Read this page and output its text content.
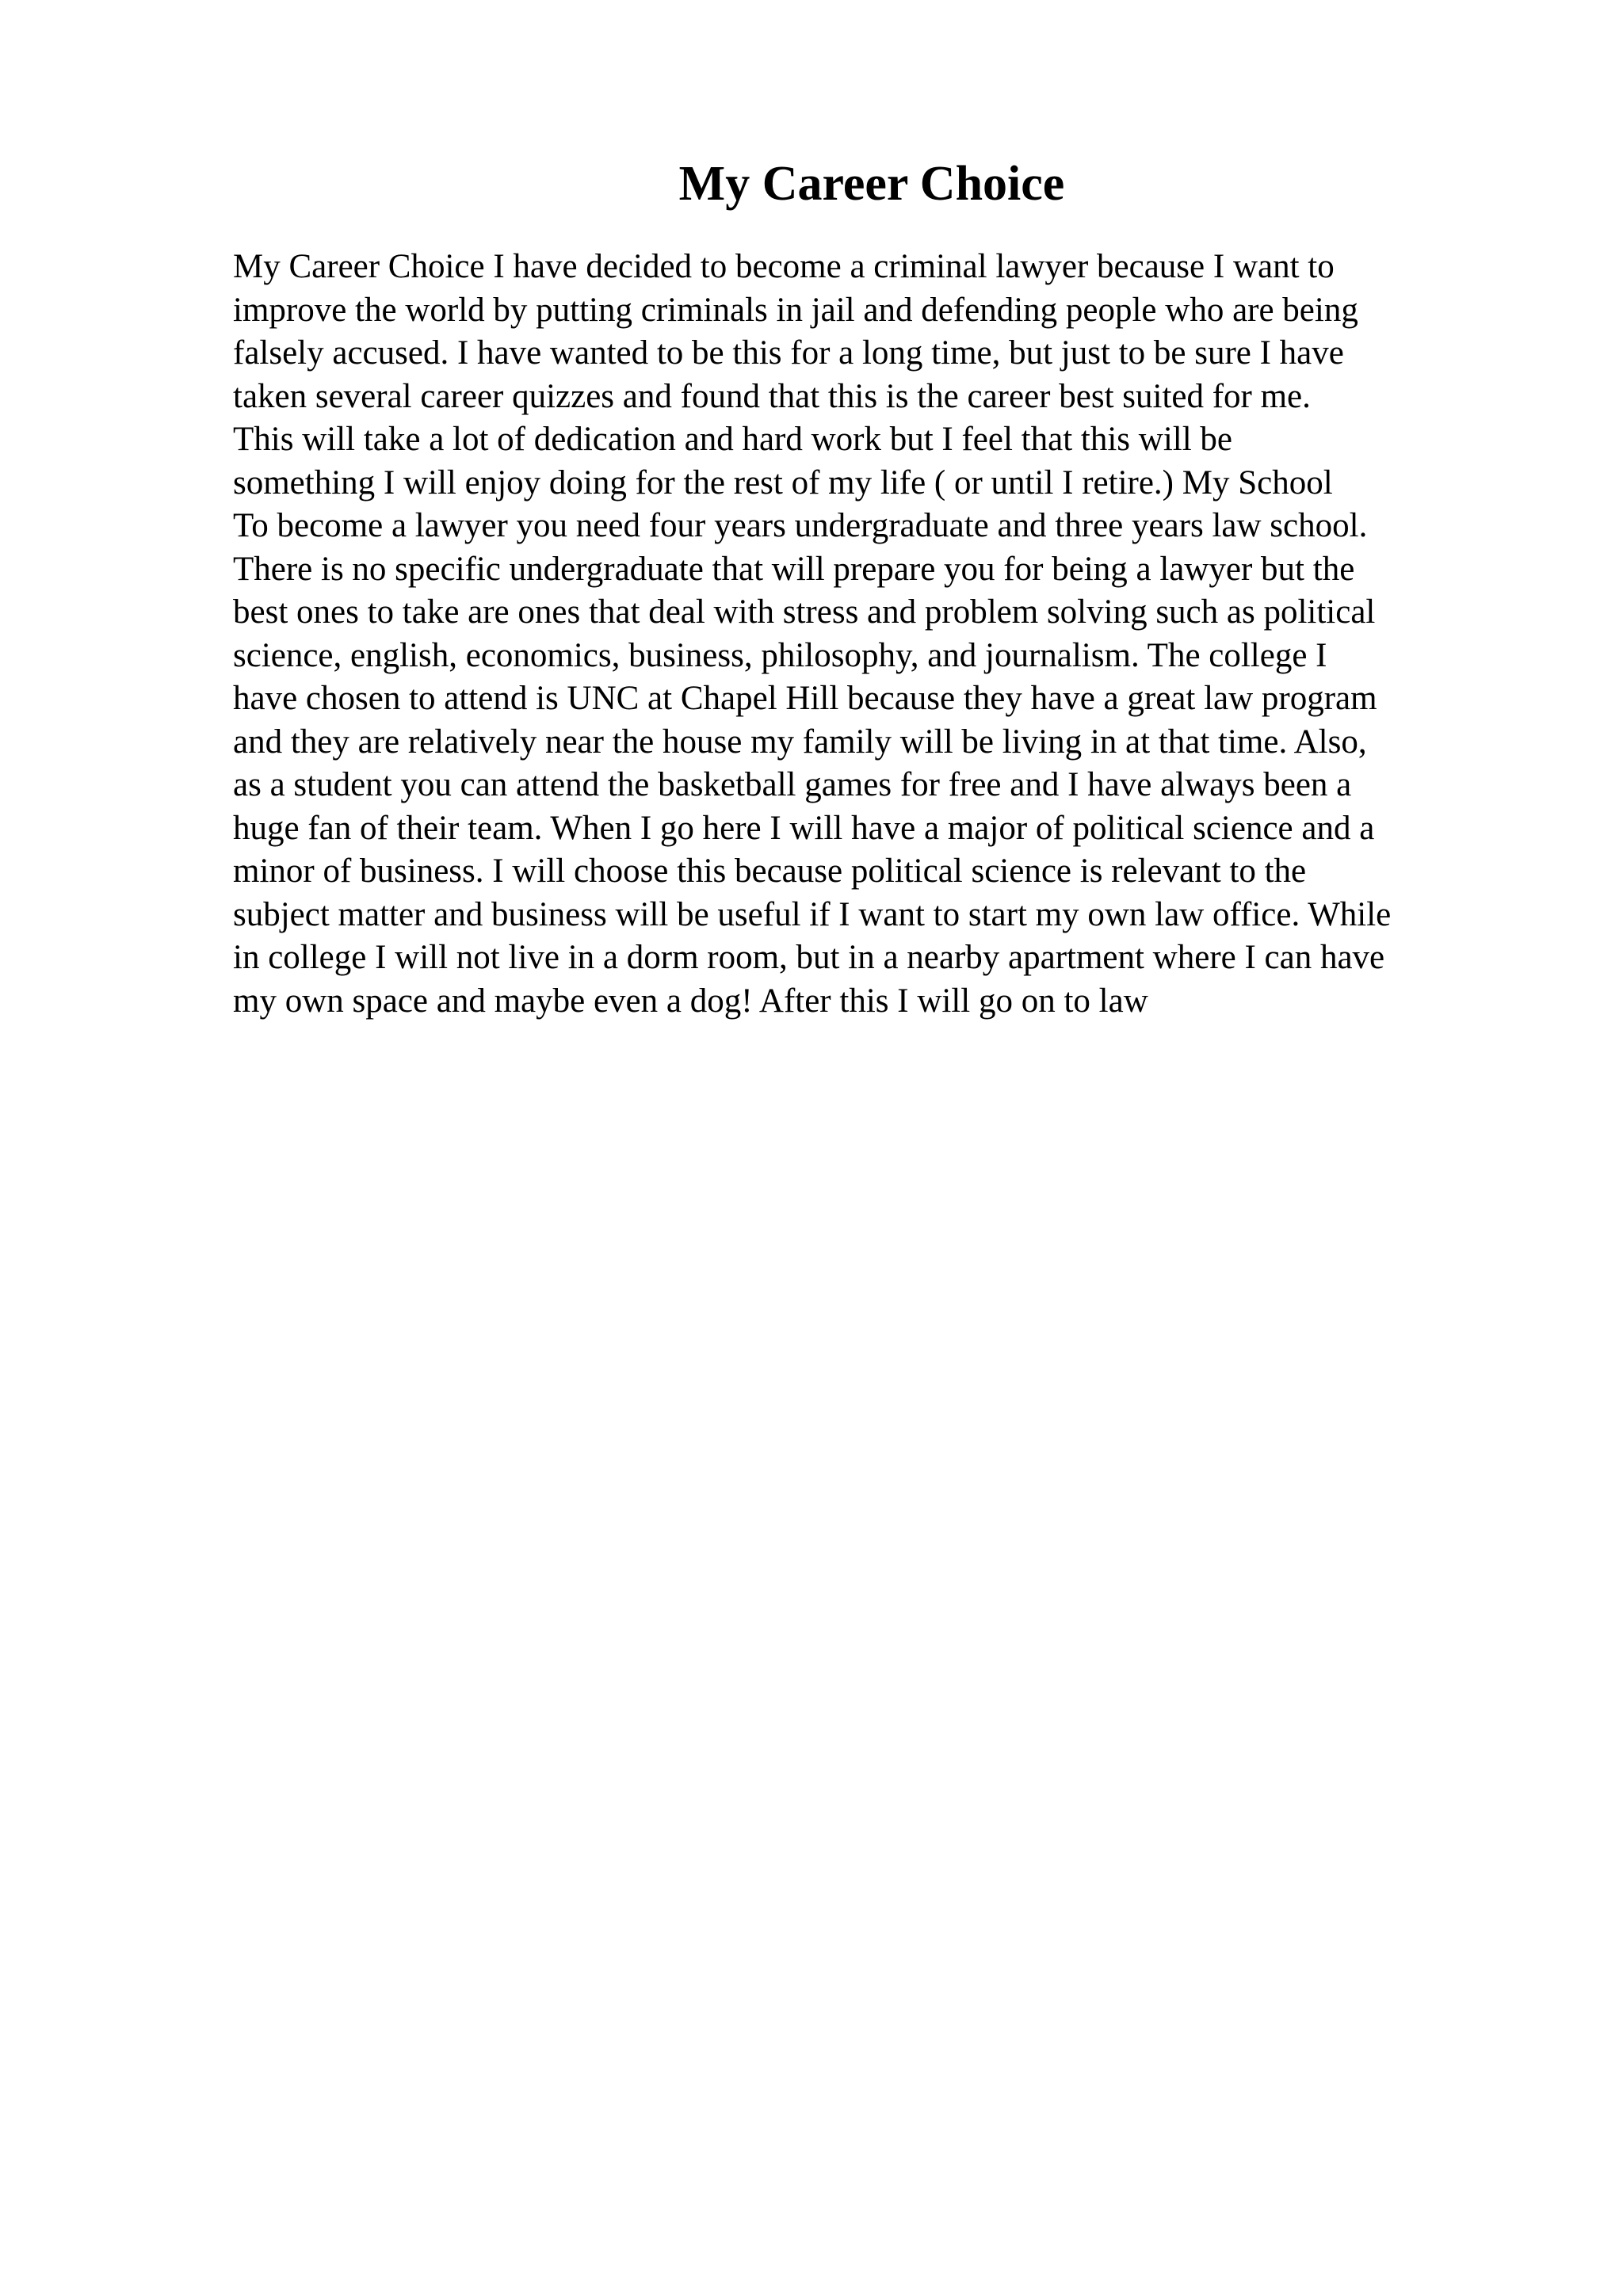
My Career Choice
My Career Choice I have decided to become a criminal lawyer because I want to
improve the world by putting criminals in jail and defending people who are being
falsely accused. I have wanted to be this for a long time, but just to be sure I have
taken several career quizzes and found that this is the career best suited for me.
This will take a lot of dedication and hard work but I feel that this will be
something I will enjoy doing for the rest of my life ( or until I retire.) My School
To become a lawyer you need four years undergraduate and three years law school.
There is no specific undergraduate that will prepare you for being a lawyer but the
best ones to take are ones that deal with stress and problem solving such as political
science, english, economics, business, philosophy, and journalism. The college I
have chosen to attend is UNC at Chapel Hill because they have a great law program
and they are relatively near the house my family will be living in at that time. Also,
as a student you can attend the basketball games for free and I have always been a
huge fan of their team. When I go here I will have a major of political science and a
minor of business. I will choose this because political science is relevant to the
subject matter and business will be useful if I want to start my own law office. While
in college I will not live in a dorm room, but in a nearby apartment where I can have
my own space and maybe even a dog! After this I will go on to law
